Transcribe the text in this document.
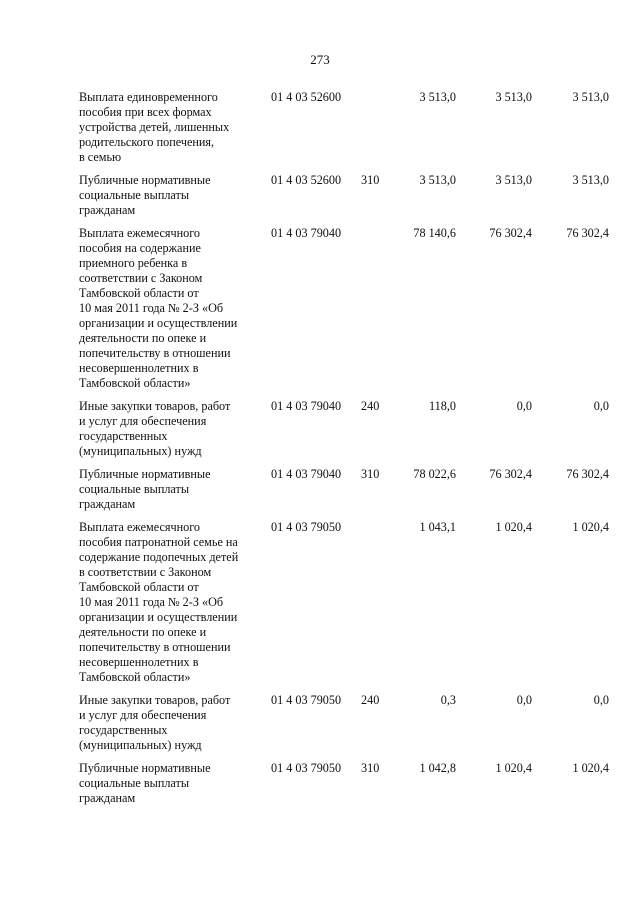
273
Выплата единовременного
пособия при всех формах
устройства детей, лишенных
родительского попечения,
в семью
01 4 03 52600	3 513,0	3 513,0	3 513,0
Публичные нормативные
социальные выплаты
гражданам
01 4 03 52600 310	3 513,0	3 513,0	3 513,0
Выплата ежемесячного
пособия на содержание
приемного ребенка в
соответствии с Законом
Тамбовской области от
10 мая 2011 года № 2-З «Об
организации и осуществлении
деятельности по опеке и
попечительству в отношении
несовершеннолетних в
Тамбовской области»
01 4 03 79040	78 140,6	76 302,4	76 302,4
Иные закупки товаров, работ
и услуг для обеспечения
государственных
(муниципальных) нужд
01 4 03 79040 240	118,0	0,0	0,0
Публичные нормативные
социальные выплаты
гражданам
01 4 03 79040 310	78 022,6	76 302,4	76 302,4
Выплата ежемесячного
пособия патронатной семье на
содержание подопечных детей
в соответствии с Законом
Тамбовской области от
10 мая 2011 года № 2-З «Об
организации и осуществлении
деятельности по опеке и
попечительству в отношении
несовершеннолетних в
Тамбовской области»
01 4 03 79050	1 043,1	1 020,4	1 020,4
Иные закупки товаров, работ
и услуг для обеспечения
государственных
(муниципальных) нужд
01 4 03 79050 240	0,3	0,0	0,0
Публичные нормативные
социальные выплаты
гражданам
01 4 03 79050 310	1 042,8	1 020,4	1 020,4
